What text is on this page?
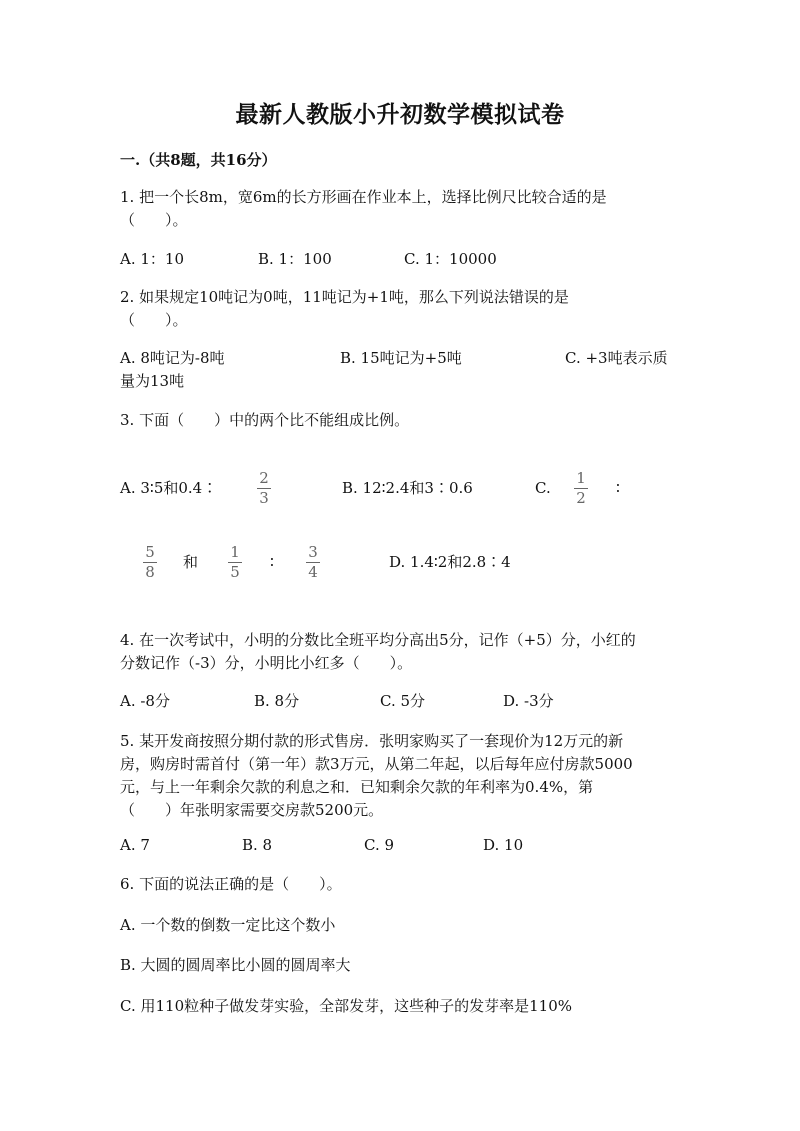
最新人教版小升初数学模拟试卷
一.（共8题，共16分）
1. 把一个长8m，宽6m的长方形画在作业本上，选择比例尺比较合适的是
（　　）。
A. 1：10	B. 1：100	C. 1：10000
2. 如果规定10吨记为0吨，11吨记为+1吨，那么下列说法错误的是
（　　）。
A. 8吨记为-8吨	B. 15吨记为+5吨	C. +3吨表示质
量为13吨
3. 下面（　　）中的两个比不能组成比例。
A. 3∶5和0.4∶
2
3
B. 12∶2.4和3∶0.6	C.
1
2
∶
5
8
和
1
5
∶
3
4
D. 1.4∶2和2.8∶4
4. 在一次考试中，小明的分数比全班平均分高出5分，记作（+5）分，小红的
分数记作（-3）分，小明比小红多（　　）。
A. -8分	B. 8分	C. 5分	D. -3分
5. 某开发商按照分期付款的形式售房．张明家购买了一套现价为12万元的新
房，购房时需首付（第一年）款3万元，从第二年起，以后每年应付房款5000
元，与上一年剩余欠款的利息之和．已知剩余欠款的年利率为0.4%，第
（　　）年张明家需要交房款5200元。
A. 7	B. 8	C. 9	D. 10
6. 下面的说法正确的是（　　）。
A. 一个数的倒数一定比这个数小
B. 大圆的圆周率比小圆的圆周率大
C. 用110粒种子做发芽实验，全部发芽，这些种子的发芽率是110%
